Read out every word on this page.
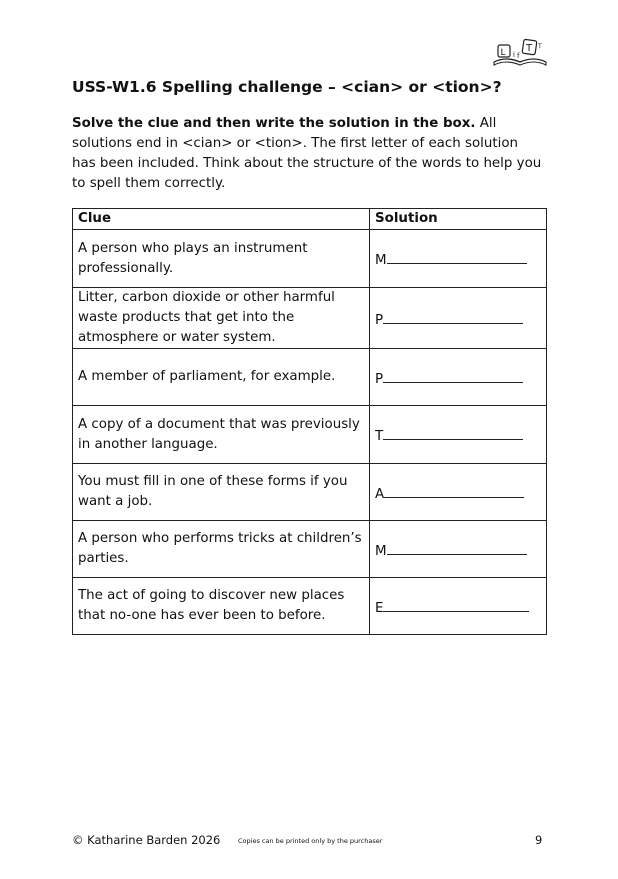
L i f
T T
USS-W1.6 Spelling challenge – <cian> or <tion>?

Solve the clue and then write the solution in the box. All solutions end in <cian> or <tion>. The first letter of each solution has been included. Think about the structure of the words to help you to spell them correctly.

Clue	Solution
A person who plays an instrument professionally.	M
Litter, carbon dioxide or other harmful waste products that get into the atmosphere or water system.	P
A member of parliament, for example.	P
A copy of a document that was previously in another language.	T
You must fill in one of these forms if you want a job.	A
A person who performs tricks at children’s parties.	M
The act of going to discover new places that no-one has ever been to before.	E
© Katharine Barden 2026	Copies can be printed only by the purchaser	9
